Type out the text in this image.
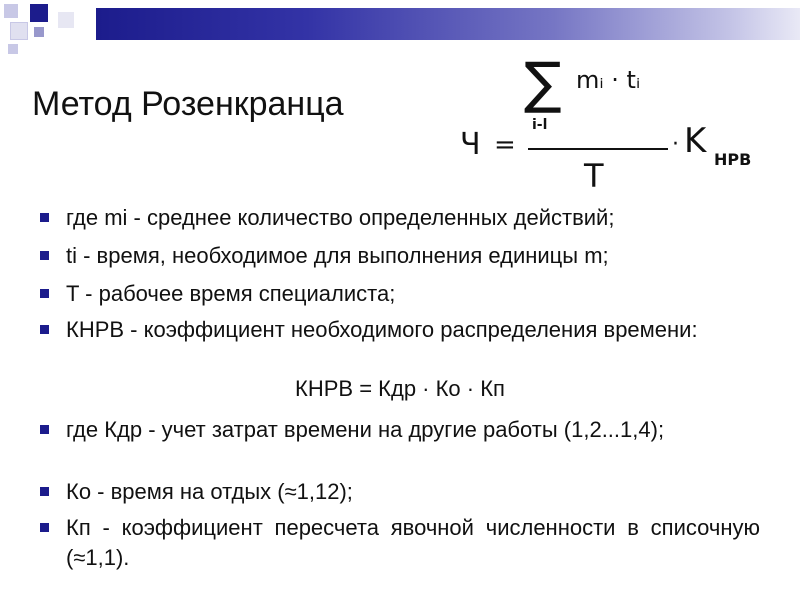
Метод Розенкранца	∑ mᵢ · tᵢ
i-l
Ч =
T
· K НРВ
где mi - среднее количество определенных действий;
ti - время, необходимое для выполнения единицы m;
T - рабочее время специалиста;
КНРВ - коэффициент необходимого распределения времени:
КНРВ = Кдр · Ко · Кп
где Кдр - учет затрат времени на другие работы (1,2...1,4);
Ко - время на отдых (≈1,12);
Кп - коэффициент пересчета явочной численности в списочную (≈1,1).
